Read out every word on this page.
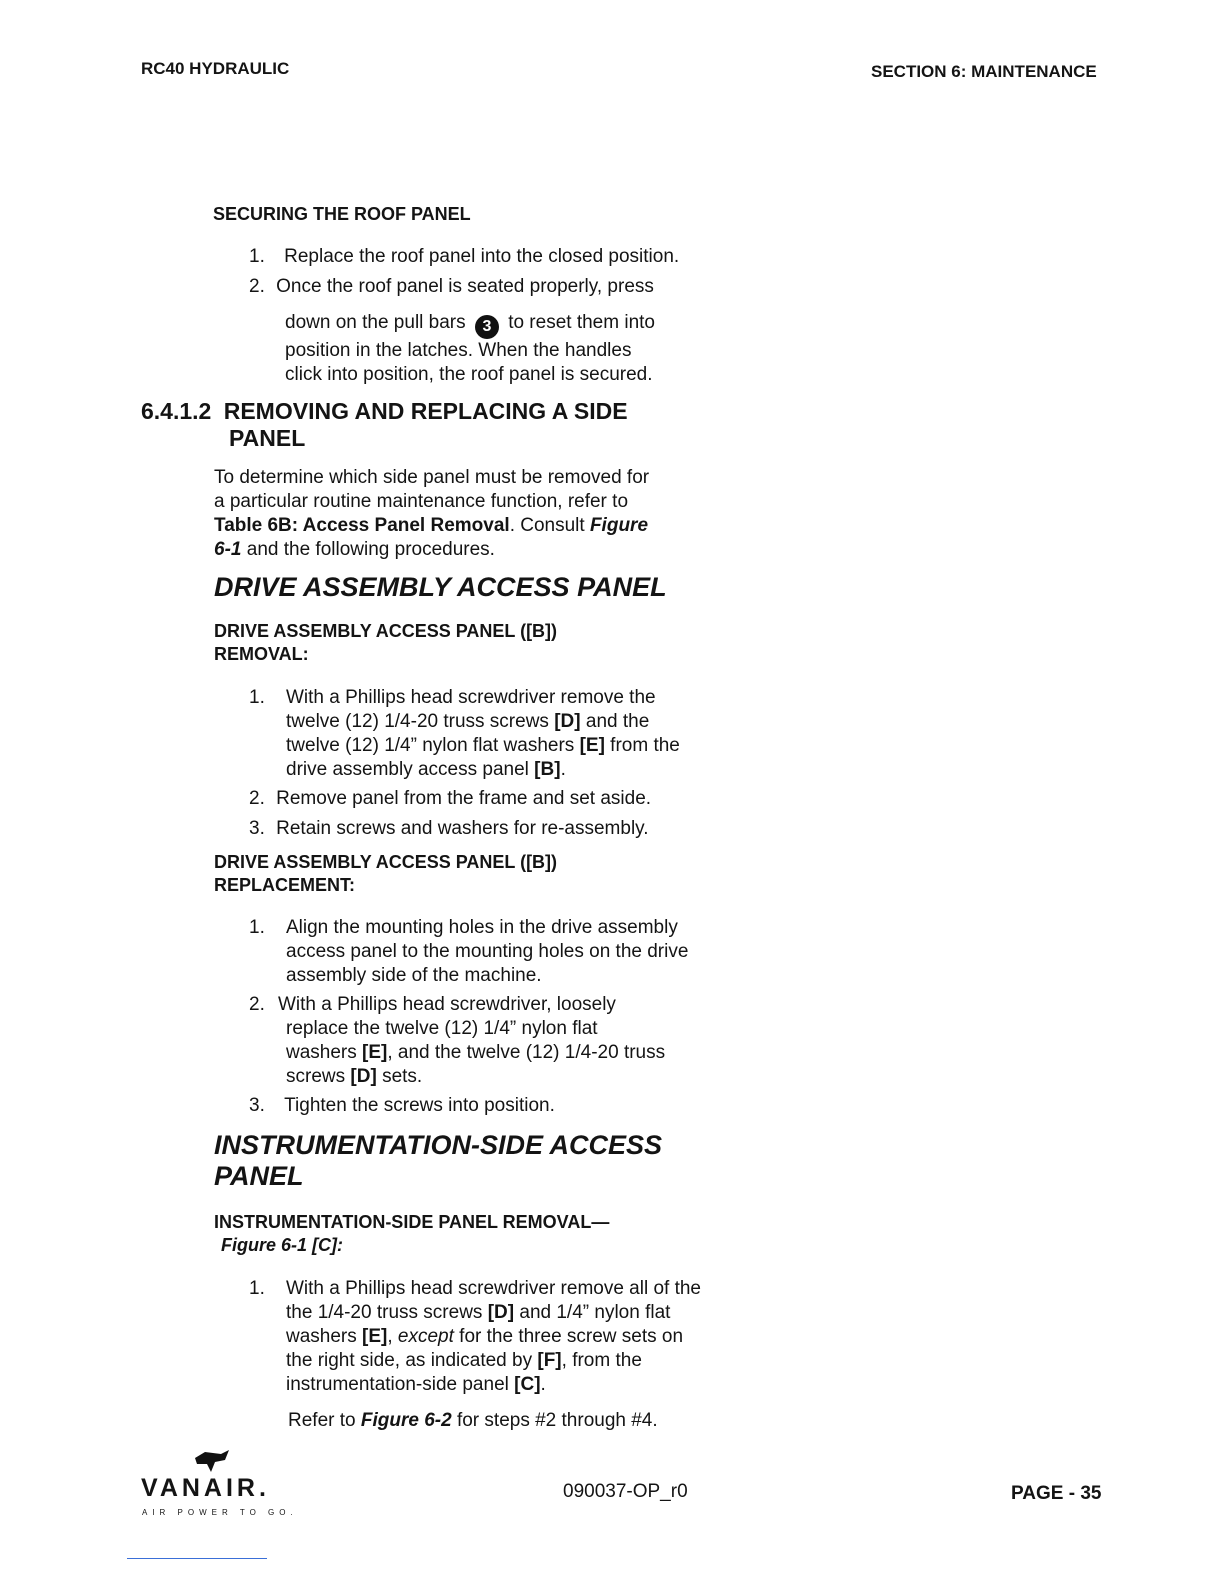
RC40 HYDRAULIC	SECTION 6: MAINTENANCE
SECURING THE ROOF PANEL
1. Replace the roof panel into the closed position.
2. Once the roof panel is seated properly, press
down on the pull bars 3 to reset them into
position in the latches. When the handles
click into position, the roof panel is secured.
6.4.1.2 REMOVING AND REPLACING A SIDE
PANEL
To determine which side panel must be removed for
a particular routine maintenance function, refer to
Table 6B: Access Panel Removal. Consult Figure
6-1 and the following procedures.
DRIVE ASSEMBLY ACCESS PANEL
DRIVE ASSEMBLY ACCESS PANEL ([B])
REMOVAL:
1. With a Phillips head screwdriver remove the
twelve (12) 1/4-20 truss screws [D] and the
twelve (12) 1/4” nylon flat washers [E] from the
drive assembly access panel [B].
2. Remove panel from the frame and set aside.
3. Retain screws and washers for re-assembly.
DRIVE ASSEMBLY ACCESS PANEL ([B])
REPLACEMENT:
1. Align the mounting holes in the drive assembly
access panel to the mounting holes on the drive
assembly side of the machine.
2. With a Phillips head screwdriver, loosely
replace the twelve (12) 1/4” nylon flat
washers [E], and the twelve (12) 1/4-20 truss
screws [D] sets.
3. Tighten the screws into position.
INSTRUMENTATION-SIDE ACCESS
PANEL
INSTRUMENTATION-SIDE PANEL REMOVAL—
Figure 6-1 [C]:
1. With a Phillips head screwdriver remove all of the
the 1/4-20 truss screws [D] and 1/4” nylon flat
washers [E], except for the three screw sets on
the right side, as indicated by [F], from the
instrumentation-side panel [C].
Refer to Figure 6-2 for steps #2 through #4.
VANAIR.
AIR POWER TO GO.
090037-OP_r0	PAGE - 35
